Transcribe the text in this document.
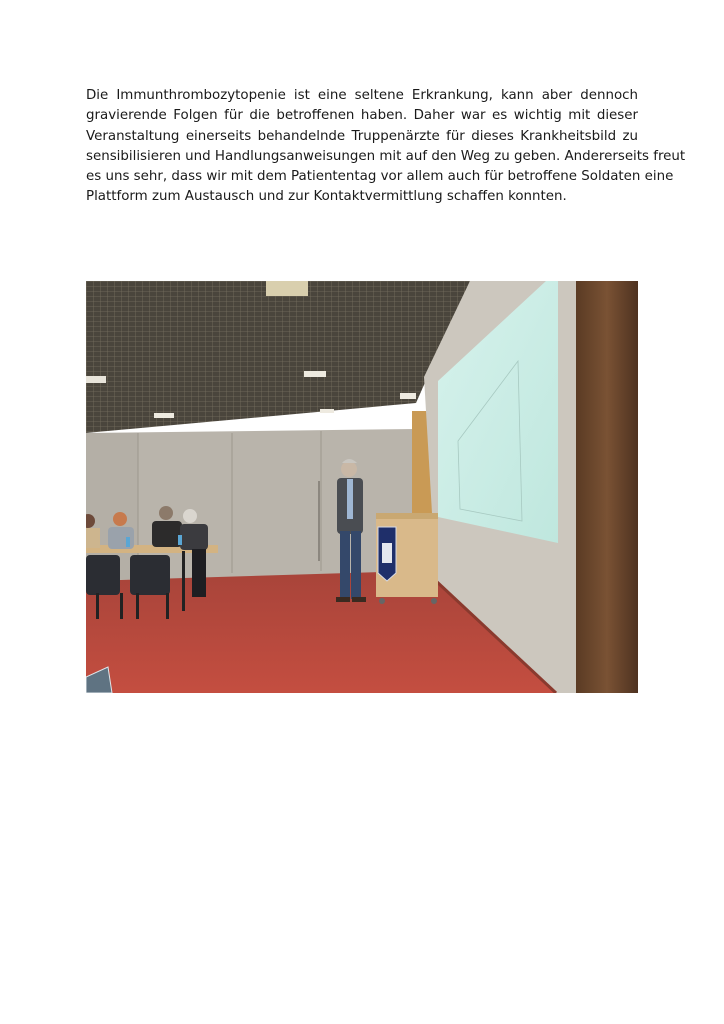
Die Immunthrombozytopenie ist eine seltene Erkrankung, kann aber dennoch
gravierende Folgen für die betroffenen haben. Daher war es wichtig mit dieser
Veranstaltung einerseits behandelnde Truppenärzte für dieses Krankheitsbild zu
sensibilisieren und Handlungsanweisungen mit auf den Weg zu geben. Andererseits freut
es uns sehr, dass wir mit dem Patiententag vor allem auch für betroffene Soldaten eine
Plattform zum Austausch und zur Kontaktvermittlung schaffen konnten.
